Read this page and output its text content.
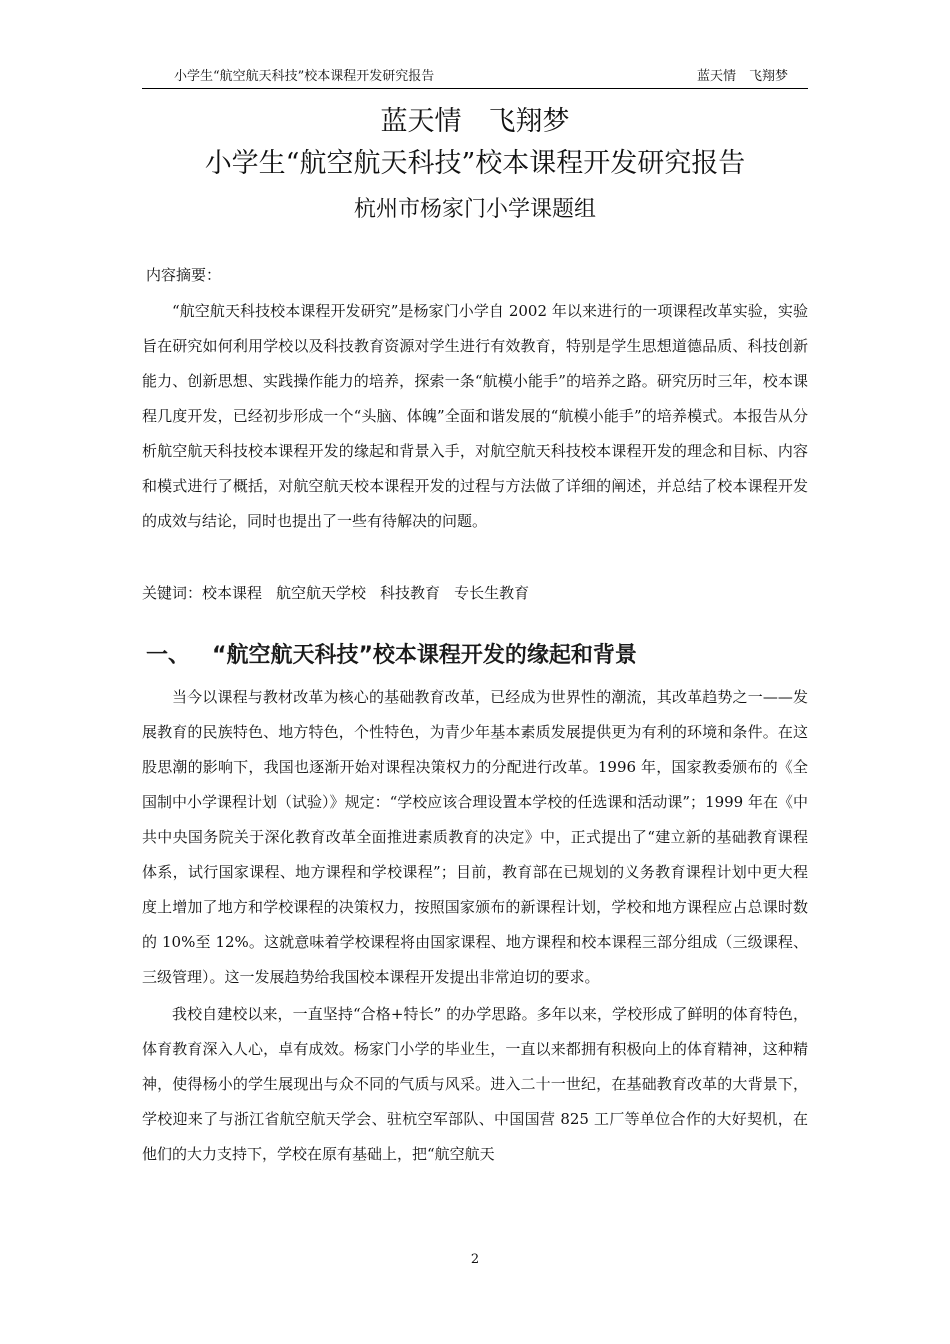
小学生“航空航天科技”校本课程开发研究报告	蓝天情　飞翔梦
蓝天情　飞翔梦
小学生“航空航天科技”校本课程开发研究报告
杭州市杨家门小学课题组
内容摘要：

“航空航天科技校本课程开发研究”是杨家门小学自 2002 年以来进行的一项课程改革实验，实验旨在研究如何利用学校以及科技教育资源对学生进行有效教育，特别是学生思想道德品质、科技创新能力、创新思想、实践操作能力的培养，探索一条“航模小能手”的培养之路。研究历时三年，校本课程几度开发，已经初步形成一个“头脑、体魄”全面和谐发展的“航模小能手”的培养模式。本报告从分析航空航天科技校本课程开发的缘起和背景入手，对航空航天科技校本课程开发的理念和目标、内容和模式进行了概括，对航空航天校本课程开发的过程与方法做了详细的阐述，并总结了校本课程开发的成效与结论，同时也提出了一些有待解决的问题。

关键词：校本课程 航空航天学校 科技教育 专长生教育
一、 “航空航天科技”校本课程开发的缘起和背景

当今以课程与教材改革为核心的基础教育改革，已经成为世界性的潮流，其改革趋势之一——发展教育的民族特色、地方特色，个性特色，为青少年基本素质发展提供更为有利的环境和条件。在这股思潮的影响下，我国也逐渐开始对课程决策权力的分配进行改革。1996 年，国家教委颁布的《全国制中小学课程计划（试验）》规定：“学校应该合理设置本学校的任选课和活动课”；1999 年在《中共中央国务院关于深化教育改革全面推进素质教育的决定》中，正式提出了“建立新的基础教育课程体系，试行国家课程、地方课程和学校课程”；目前，教育部在已规划的义务教育课程计划中更大程度上增加了地方和学校课程的决策权力，按照国家颁布的新课程计划，学校和地方课程应占总课时数的 10%至 12%。这就意味着学校课程将由国家课程、地方课程和校本课程三部分组成（三级课程、三级管理）。这一发展趋势给我国校本课程开发提出非常迫切的要求。

我校自建校以来，一直坚持“合格+特长” 的办学思路。多年以来，学校形成了鲜明的体育特色，体育教育深入人心，卓有成效。杨家门小学的毕业生，一直以来都拥有积极向上的体育精神，这种精神，使得杨小的学生展现出与众不同的气质与风采。进入二十一世纪，在基础教育改革的大背景下，学校迎来了与浙江省航空航天学会、驻杭空军部队、中国国营 825 工厂等单位合作的大好契机，在他们的大力支持下，学校在原有基础上，把“航空航天

2
